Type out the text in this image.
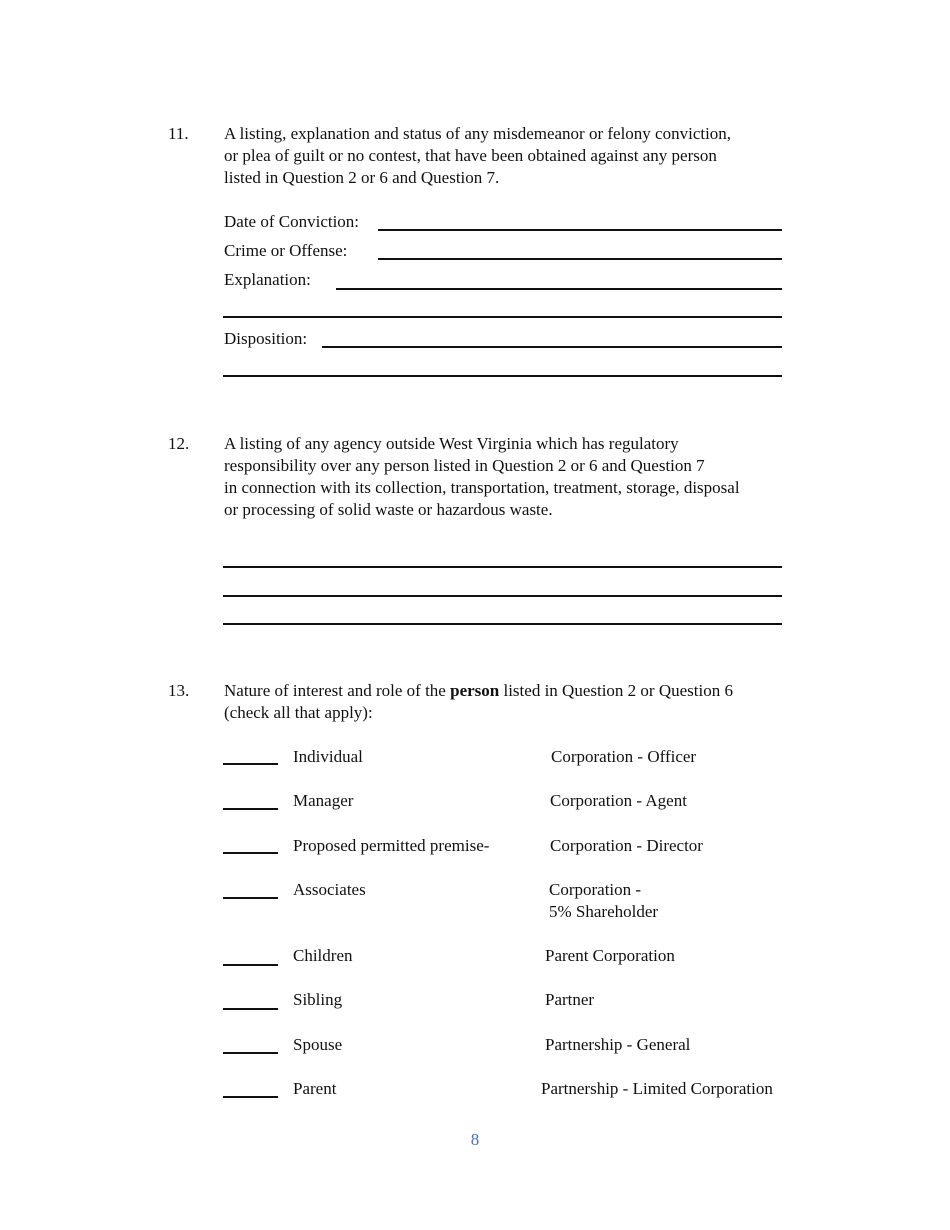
11. A listing, explanation and status of any misdemeanor or felony conviction,
or plea of guilt or no contest, that have been obtained against any person
listed in Question 2 or 6 and Question 7.
Date of Conviction:
Crime or Offense:
Explanation:
Disposition:
12. A listing of any agency outside West Virginia which has regulatory
responsibility over any person listed in Question 2 or 6 and Question 7
in connection with its collection, transportation, treatment, storage, disposal
or processing of solid waste or hazardous waste.
13. Nature of interest and role of the person listed in Question 2 or Question 6
(check all that apply):
Individual
Manager
Proposed permitted premise-
Associates
Children
Sibling
Spouse
Parent
Corporation - Officer
Corporation - Agent
Corporation - Director
Corporation -
5% Shareholder
Parent Corporation
Partner
Partnership - General
Partnership - Limited Corporation
8
